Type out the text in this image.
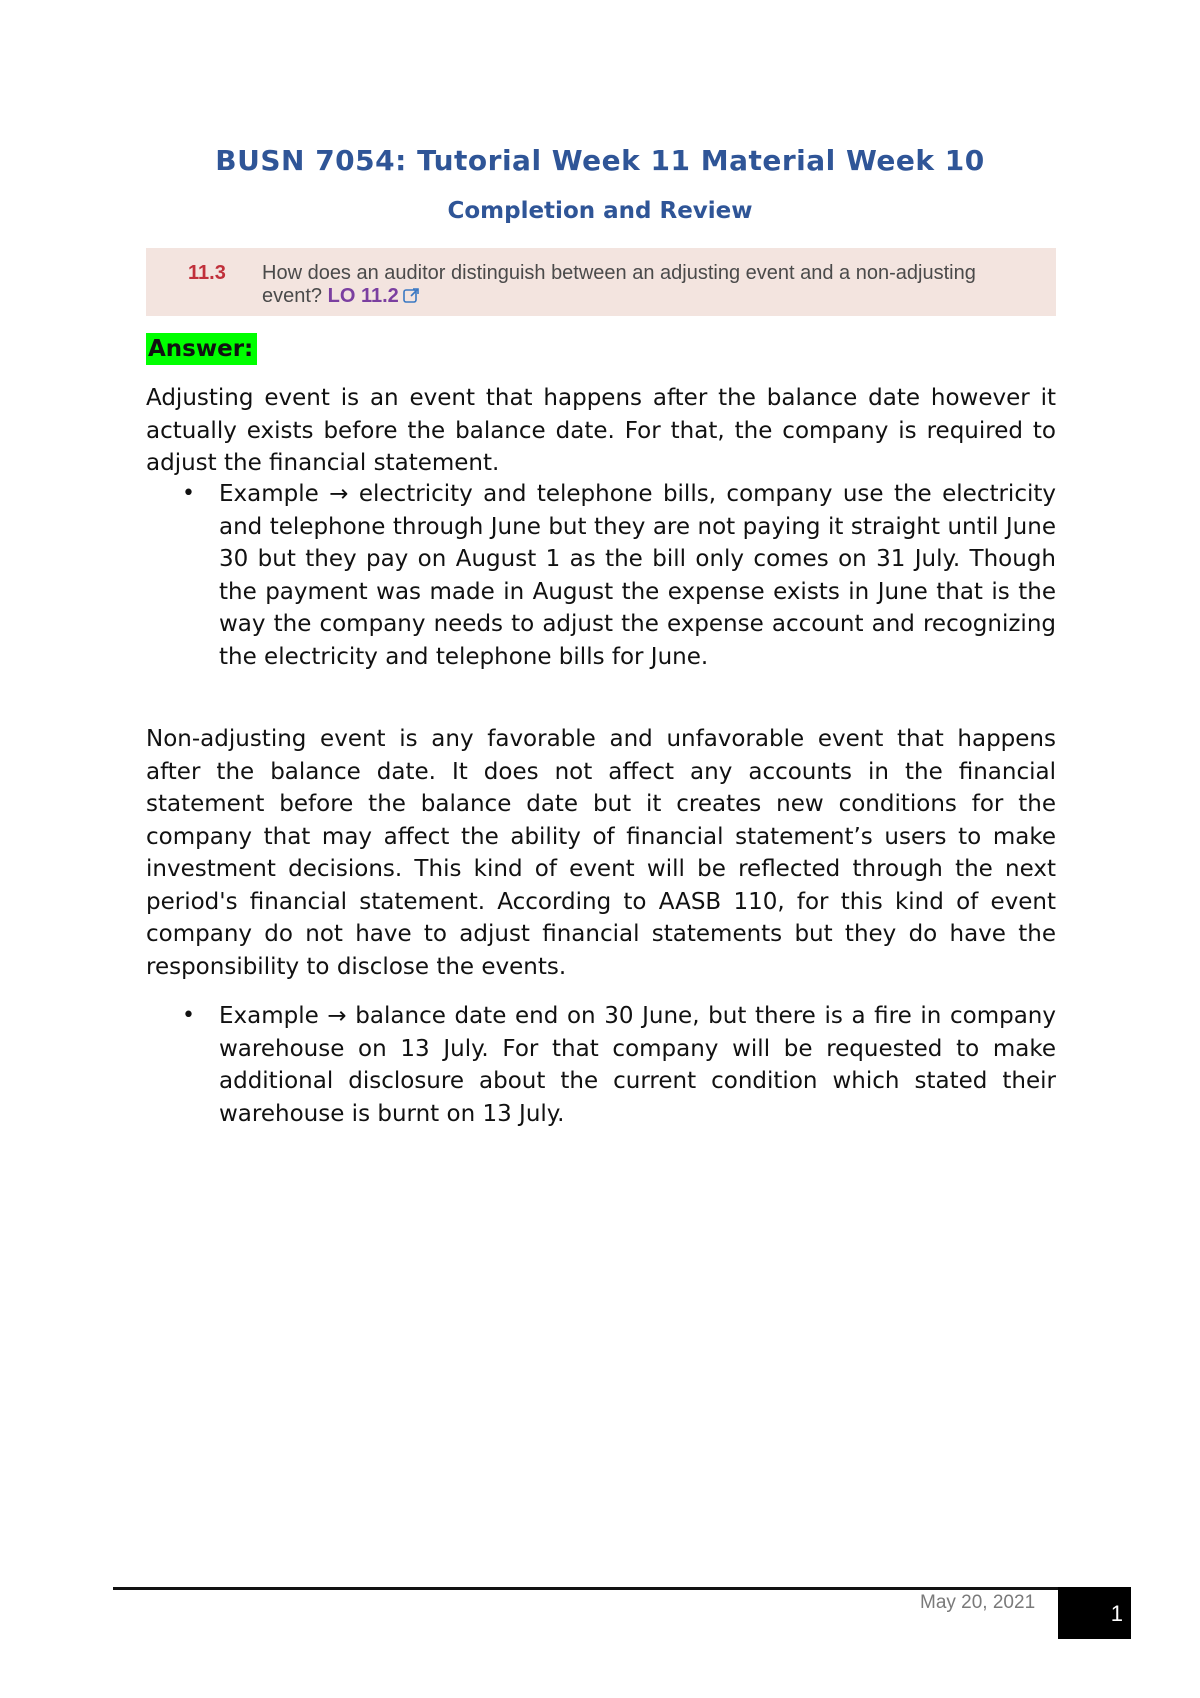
BUSN 7054: Tutorial Week 11 Material Week 10
Completion and Review
11.3 How does an auditor distinguish between an adjusting event and a non-adjusting event? LO 11.2
Answer:
Adjusting event is an event that happens after the balance date however it actually exists before the balance date. For that, the company is required to adjust the financial statement.
• Example → electricity and telephone bills, company use the electricity and telephone through June but they are not paying it straight until June 30 but they pay on August 1 as the bill only comes on 31 July. Though the payment was made in August the expense exists in June that is the way the company needs to adjust the expense account and recognizing the electricity and telephone bills for June.
Non-adjusting event is any favorable and unfavorable event that happens after the balance date. It does not affect any accounts in the financial statement before the balance date but it creates new conditions for the company that may affect the ability of financial statement’s users to make investment decisions. This kind of event will be reflected through the next period's financial statement. According to AASB 110, for this kind of event company do not have to adjust financial statements but they do have the responsibility to disclose the events.
• Example → balance date end on 30 June, but there is a fire in company warehouse on 13 July. For that company will be requested to make additional disclosure about the current condition which stated their warehouse is burnt on 13 July.
May 20, 2021	1
